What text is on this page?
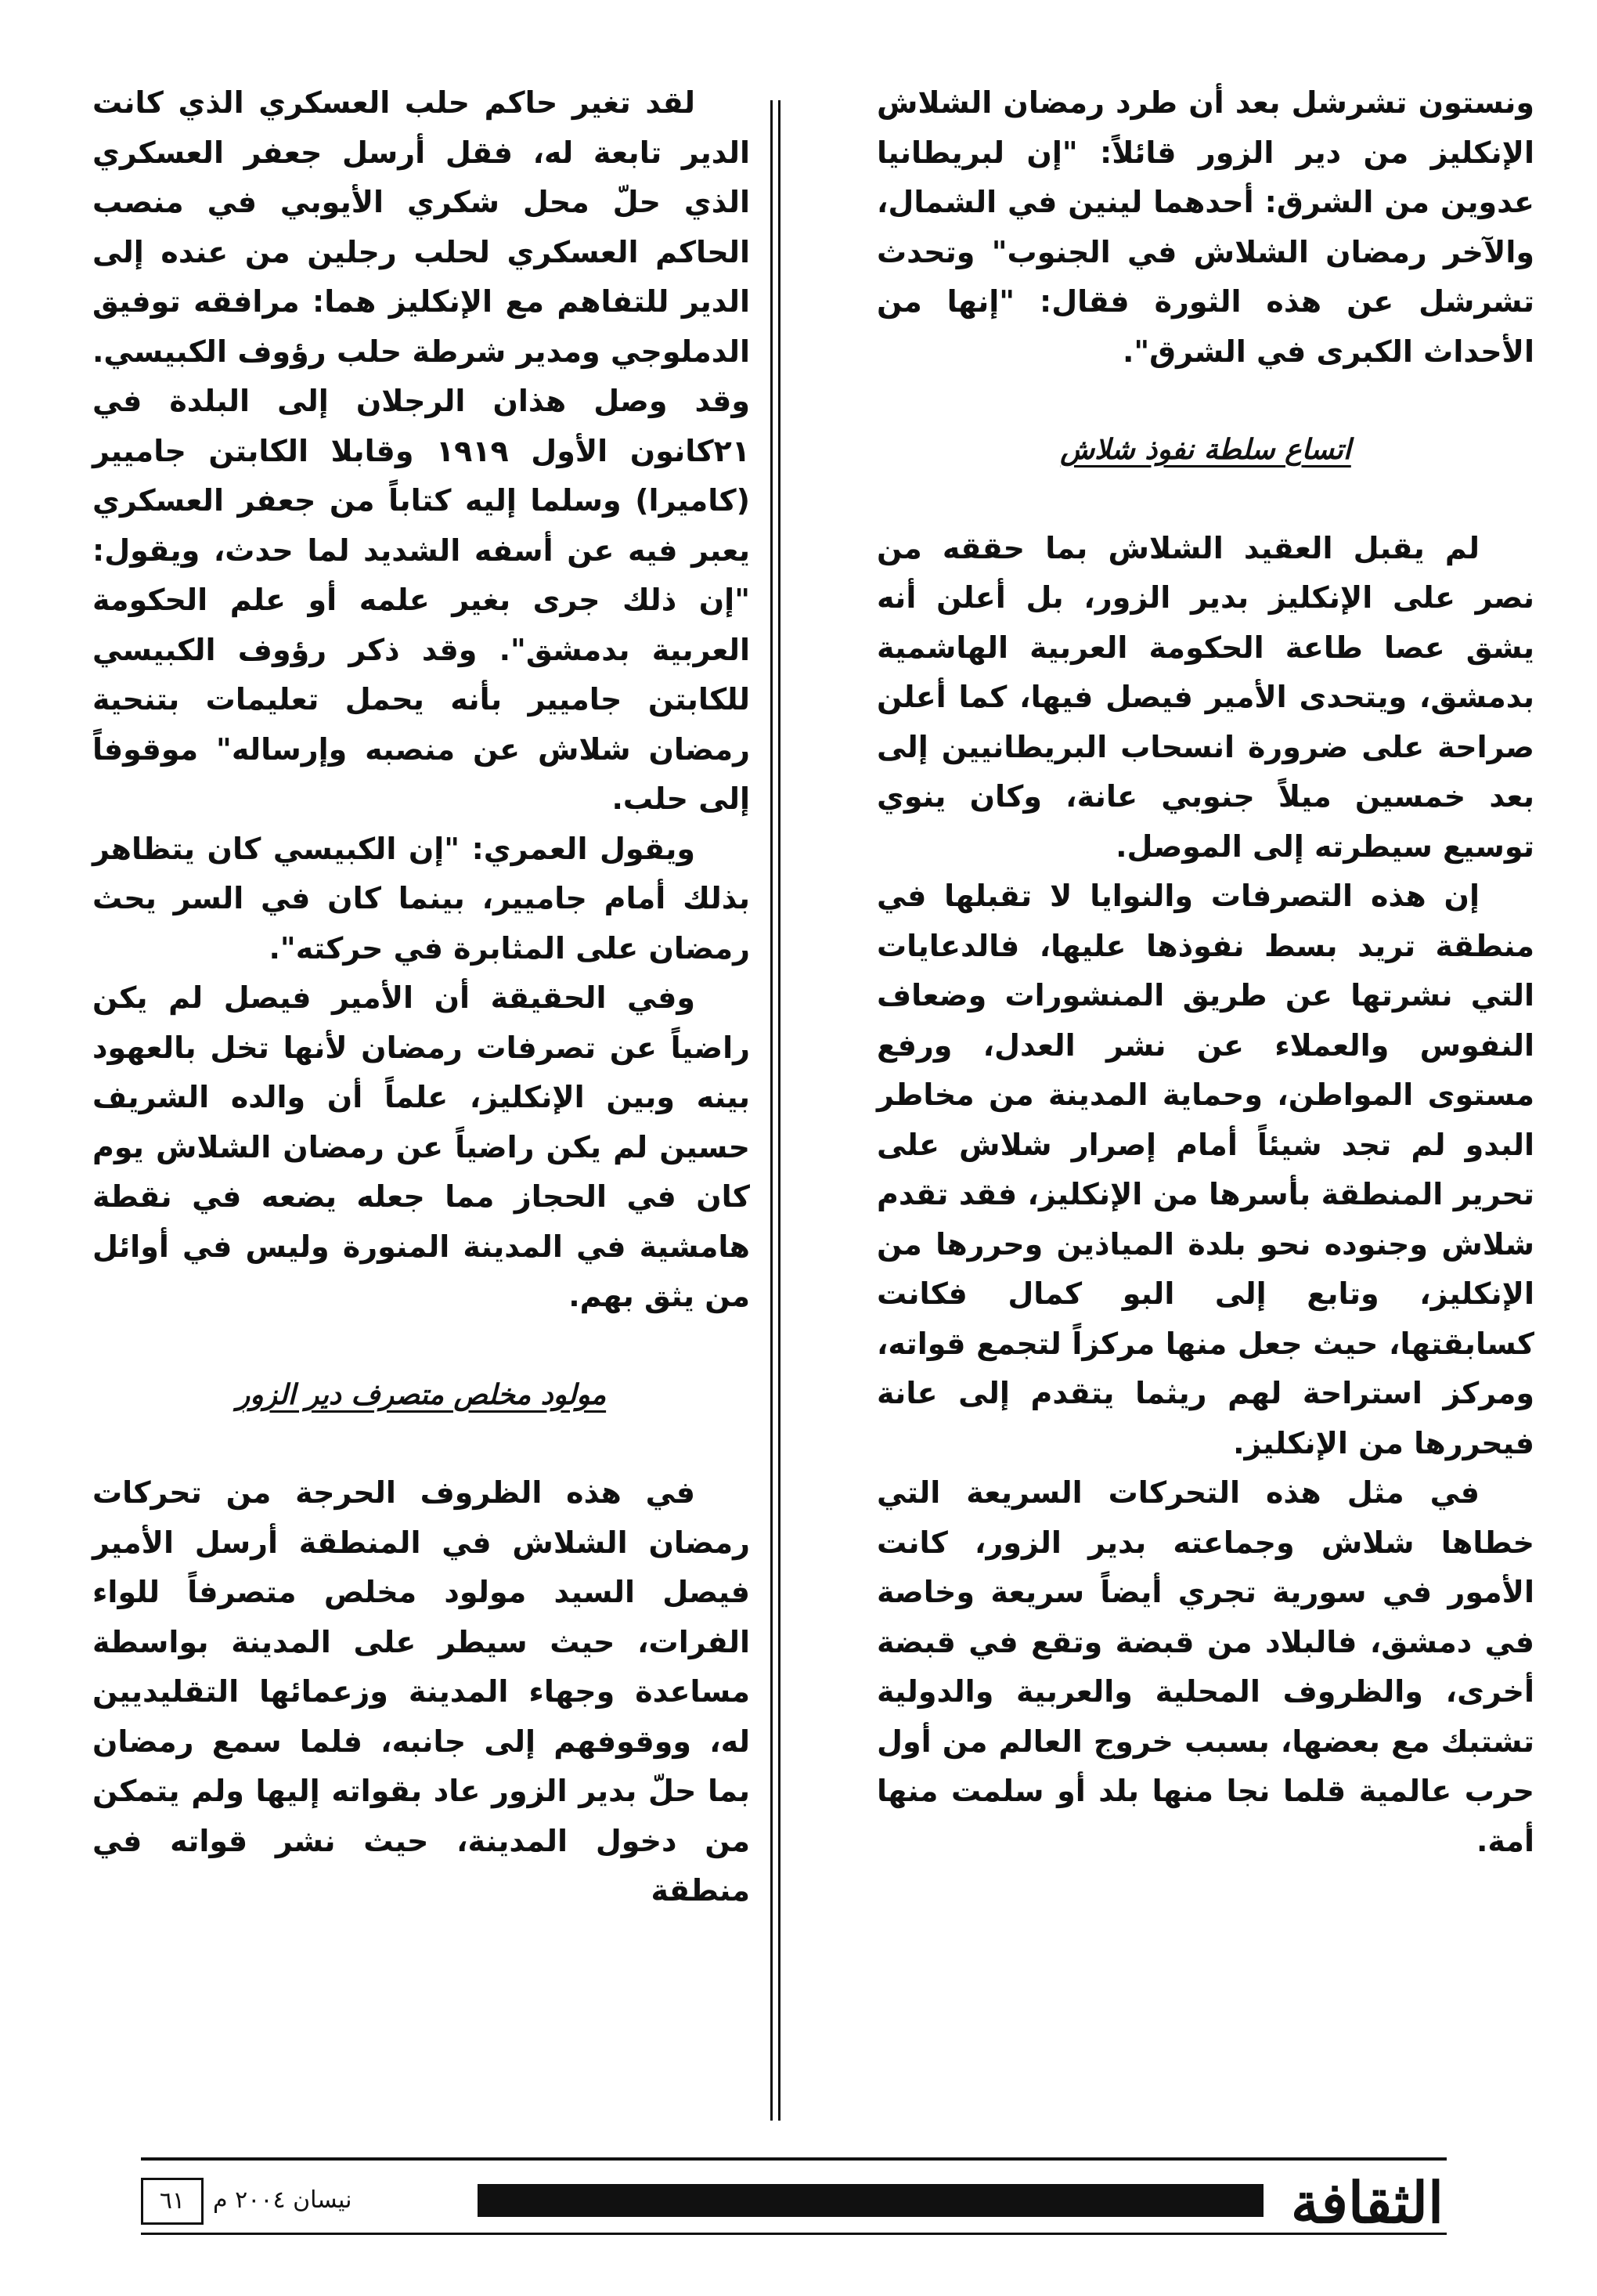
ونستون تشرشل بعد أن طرد رمضان الشلاش الإنكليز من دير الزور قائلاً: "إن لبريطانيا عدوين من الشرق: أحدهما لينين في الشمال، والآخر رمضان الشلاش في الجنوب" وتحدث تشرشل عن هذه الثورة فقال: "إنها من الأحداث الكبرى في الشرق".

اتساع سلطة نفوذ شلاش

لم يقبل العقيد الشلاش بما حققه من نصر على الإنكليز بدير الزور، بل أعلن أنه يشق عصا طاعة الحكومة العربية الهاشمية بدمشق، ويتحدى الأمير فيصل فيها، كما أعلن صراحة على ضرورة انسحاب البريطانيين إلى بعد خمسين ميلاً جنوبي عانة، وكان ينوي توسيع سيطرته إلى الموصل.

إن هذه التصرفات والنوايا لا تقبلها في منطقة تريد بسط نفوذها عليها، فالدعايات التي نشرتها عن طريق المنشورات وضعاف النفوس والعملاء عن نشر العدل، ورفع مستوى المواطن، وحماية المدينة من مخاطر البدو لم تجد شيئاً أمام إصرار شلاش على تحرير المنطقة بأسرها من الإنكليز، فقد تقدم شلاش وجنوده نحو بلدة المياذين وحررها من الإنكليز، وتابع إلى البو كمال فكانت كسابقتها، حيث جعل منها مركزاً لتجمع قواته، ومركز استراحة لهم ريثما يتقدم إلى عانة فيحررها من الإنكليز.

في مثل هذه التحركات السريعة التي خطاها شلاش وجماعته بدير الزور، كانت الأمور في سورية تجري أيضاً سريعة وخاصة في دمشق، فالبلاد من قبضة وتقع في قبضة أخرى، والظروف المحلية والعربية والدولية تشتبك مع بعضها، بسبب خروج العالم من أول حرب عالمية قلما نجا منها بلد أو سلمت منها أمة.

لقد تغير حاكم حلب العسكري الذي كانت الدير تابعة له، فقل أرسل جعفر العسكري الذي حلّ محل شكري الأيوبي في منصب الحاكم العسكري لحلب رجلين من عنده إلى الدير للتفاهم مع الإنكليز هما: مرافقه توفيق الدملوجي ومدير شرطة حلب رؤوف الكبيسي. وقد وصل هذان الرجلان إلى البلدة في ٢١كانون الأول ١٩١٩ وقابلا الكابتن جاميير (كاميرا) وسلما إليه كتاباً من جعفر العسكري يعبر فيه عن أسفه الشديد لما حدث، ويقول: "إن ذلك جرى بغير علمه أو علم الحكومة العربية بدمشق". وقد ذكر رؤوف الكبيسي للكابتن جاميير بأنه يحمل تعليمات بتنحية رمضان شلاش عن منصبه وإرساله" موقوفاً إلى حلب.

ويقول العمري: "إن الكبيسي كان يتظاهر بذلك أمام جاميير، بينما كان في السر يحث رمضان على المثابرة في حركته".

وفي الحقيقة أن الأمير فيصل لم يكن راضياً عن تصرفات رمضان لأنها تخل بالعهود بينه وبين الإنكليز، علماً أن والده الشريف حسين لم يكن راضياً عن رمضان الشلاش يوم كان في الحجاز مما جعله يضعه في نقطة هامشية في المدينة المنورة وليس في أوائل من يثق بهم.

مولود مخلص متصرف دير الزور

في هذه الظروف الحرجة من تحركات رمضان الشلاش في المنطقة أرسل الأمير فيصل السيد مولود مخلص متصرفاً للواء الفرات، حيث سيطر على المدينة بواسطة مساعدة وجهاء المدينة وزعمائها التقليديين له، ووقوفهم إلى جانبه، فلما سمع رمضان بما حلّ بدير الزور عاد بقواته إليها ولم يتمكن من دخول المدينة، حيث نشر قواته في منطقة

الثقافة
نيسان ٢٠٠٤ م
٦١
